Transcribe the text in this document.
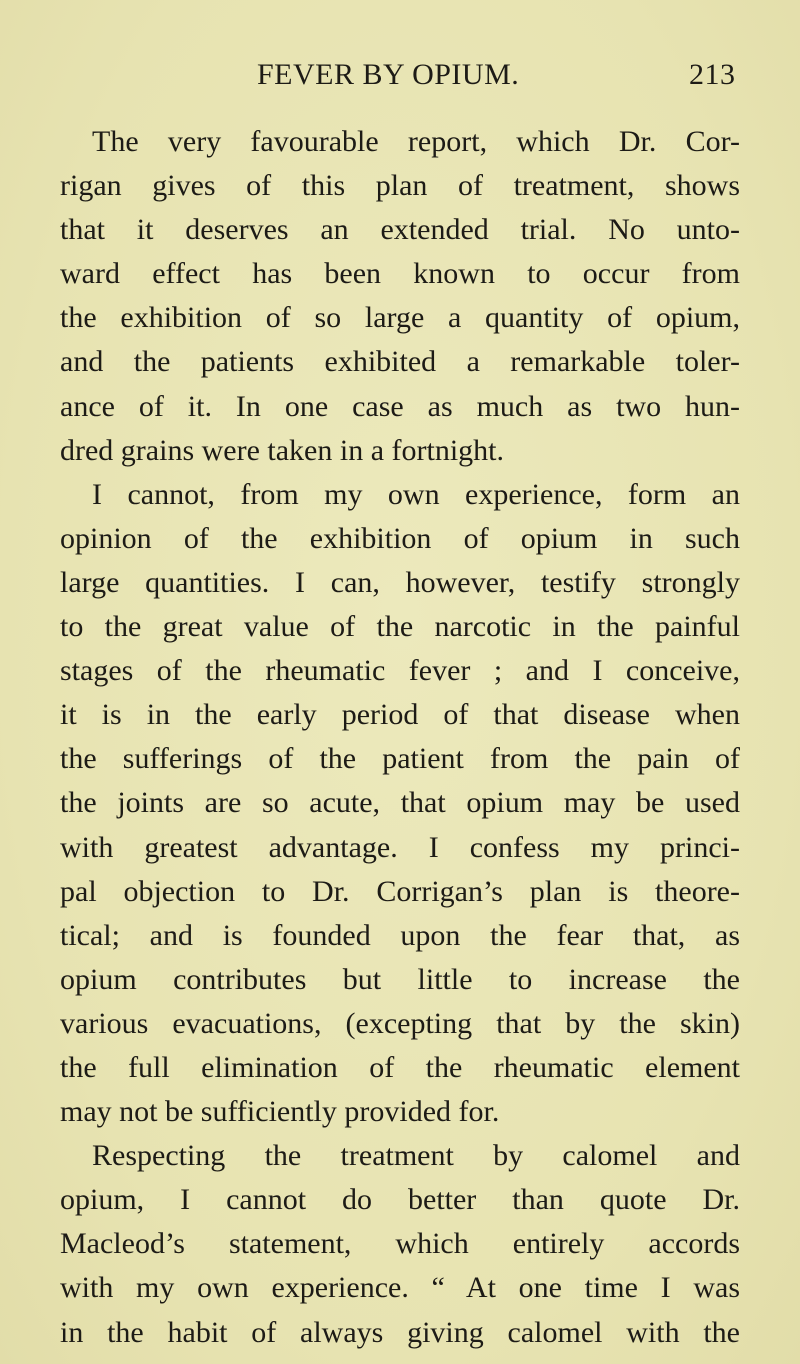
FEVER BY OPIUM.	213
The very favourable report, which Dr. Cor-
rigan gives of this plan of treatment, shows
that it deserves an extended trial. No unto-
ward effect has been known to occur from
the exhibition of so large a quantity of opium,
and the patients exhibited a remarkable toler-
ance of it. In one case as much as two hun-
dred grains were taken in a fortnight.
I cannot, from my own experience, form an
opinion of the exhibition of opium in such
large quantities. I can, however, testify strongly
to the great value of the narcotic in the painful
stages of the rheumatic fever ; and I conceive,
it is in the early period of that disease when
the sufferings of the patient from the pain of
the joints are so acute, that opium may be used
with greatest advantage. I confess my princi-
pal objection to Dr. Corrigan’s plan is theore-
tical; and is founded upon the fear that, as
opium contributes but little to increase the
various evacuations, (excepting that by the skin)
the full elimination of the rheumatic element
may not be sufficiently provided for.
Respecting the treatment by calomel and
opium, I cannot do better than quote Dr.
Macleod’s statement, which entirely accords
with my own experience. “ At one time I was
in the habit of always giving calomel with the
